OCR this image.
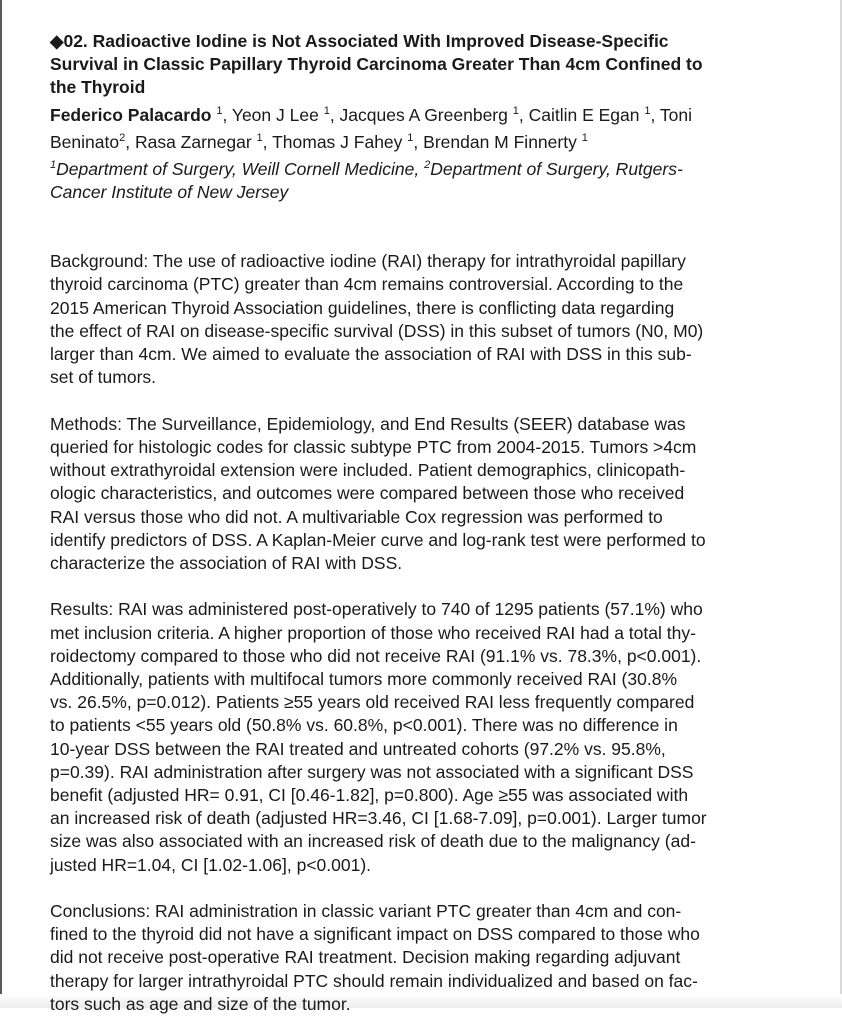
◆02. Radioactive Iodine is Not Associated With Improved Disease-Specific
Survival in Classic Papillary Thyroid Carcinoma Greater Than 4cm Confined to
the Thyroid
Federico Palacardo $^1$, Yeon J Lee $^1$, Jacques A Greenberg $^1$, Caitlin E Egan $^1$, Toni
Beninato$^2$, Rasa Zarnegar $^1$, Thomas J Fahey $^1$, Brendan M Finnerty $^1$
$^1$Department of Surgery, Weill Cornell Medicine, $^2$Department of Surgery, Rutgers-
Cancer Institute of New Jersey
Background: The use of radioactive iodine (RAI) therapy for intrathyroidal papillary
thyroid carcinoma (PTC) greater than 4cm remains controversial. According to the
2015 American Thyroid Association guidelines, there is conflicting data regarding
the effect of RAI on disease-specific survival (DSS) in this subset of tumors (N0, M0)
larger than 4cm. We aimed to evaluate the association of RAI with DSS in this sub-
set of tumors.
Methods: The Surveillance, Epidemiology, and End Results (SEER) database was
queried for histologic codes for classic subtype PTC from 2004-2015. Tumors >4cm
without extrathyroidal extension were included. Patient demographics, clinicopath-
ologic characteristics, and outcomes were compared between those who received
RAI versus those who did not. A multivariable Cox regression was performed to
identify predictors of DSS. A Kaplan-Meier curve and log-rank test were performed to
characterize the association of RAI with DSS.
Results: RAI was administered post-operatively to 740 of 1295 patients (57.1%) who
met inclusion criteria. A higher proportion of those who received RAI had a total thy-
roidectomy compared to those who did not receive RAI (91.1% vs. 78.3%, p<0.001).
Additionally, patients with multifocal tumors more commonly received RAI (30.8%
vs. 26.5%, p=0.012). Patients ≥55 years old received RAI less frequently compared
to patients <55 years old (50.8% vs. 60.8%, p<0.001). There was no difference in
10-year DSS between the RAI treated and untreated cohorts (97.2% vs. 95.8%,
p=0.39). RAI administration after surgery was not associated with a significant DSS
benefit (adjusted HR= 0.91, CI [0.46-1.82], p=0.800). Age ≥55 was associated with
an increased risk of death (adjusted HR=3.46, CI [1.68-7.09], p=0.001). Larger tumor
size was also associated with an increased risk of death due to the malignancy (ad-
justed HR=1.04, CI [1.02-1.06], p<0.001).
Conclusions: RAI administration in classic variant PTC greater than 4cm and con-
fined to the thyroid did not have a significant impact on DSS compared to those who
did not receive post-operative RAI treatment. Decision making regarding adjuvant
therapy for larger intrathyroidal PTC should remain individualized and based on fac-
tors such as age and size of the tumor.
